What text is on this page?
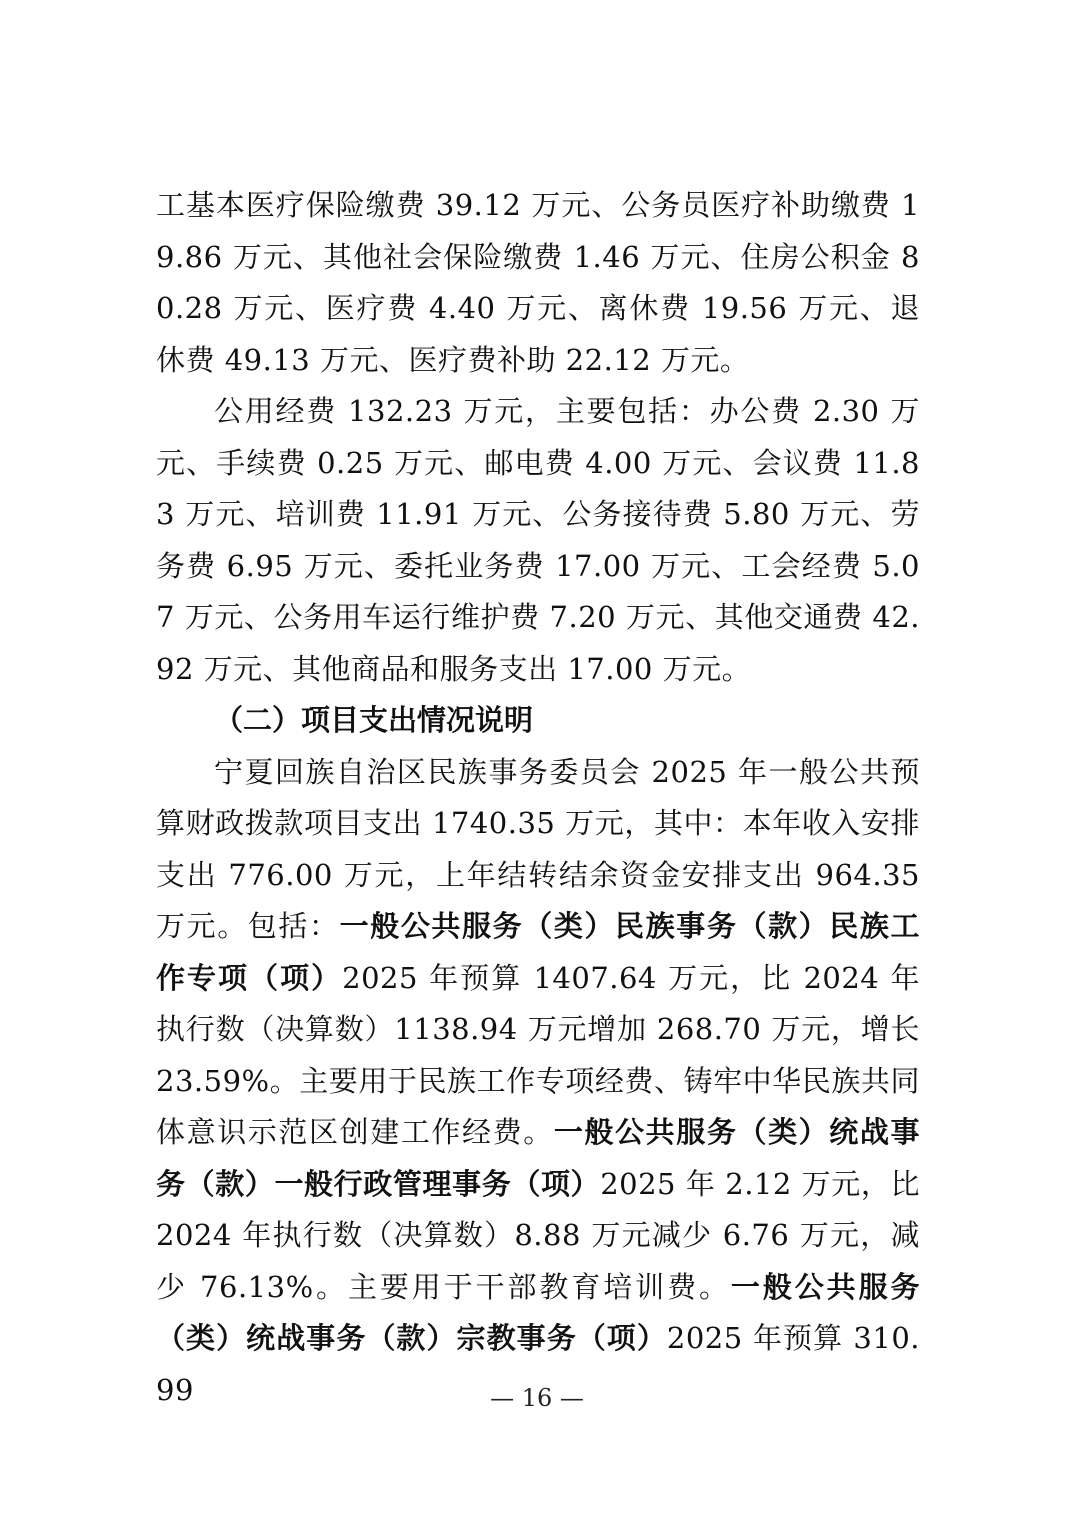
工基本医疗保险缴费 39.12 万元、公务员医疗补助缴费 19.86 万元、其他社会保险缴费 1.46 万元、住房公积金 80.28 万元、医疗费 4.40 万元、离休费 19.56 万元、退休费 49.13 万元、医疗费补助 22.12 万元。

公用经费 132.23 万元，主要包括：办公费 2.30 万元、手续费 0.25 万元、邮电费 4.00 万元、会议费 11.83 万元、培训费 11.91 万元、公务接待费 5.80 万元、劳务费 6.95 万元、委托业务费 17.00 万元、工会经费 5.07 万元、公务用车运行维护费 7.20 万元、其他交通费 42.92 万元、其他商品和服务支出 17.00 万元。

（二）项目支出情况说明

宁夏回族自治区民族事务委员会 2025 年一般公共预算财政拨款项目支出 1740.35 万元，其中：本年收入安排支出 776.00 万元，上年结转结余资金安排支出 964.35 万元。包括：一般公共服务（类）民族事务（款）民族工作专项（项）2025 年预算 1407.64 万元，比 2024 年执行数（决算数）1138.94 万元增加 268.70 万元，增长 23.59%。主要用于民族工作专项经费、铸牢中华民族共同体意识示范区创建工作经费。一般公共服务（类）统战事务（款）一般行政管理事务（项）2025 年 2.12 万元，比 2024 年执行数（决算数）8.88 万元减少 6.76 万元，减少 76.13%。主要用于干部教育培训费。一般公共服务（类）统战事务（款）宗教事务（项）2025 年预算 310.99	— 16 —
